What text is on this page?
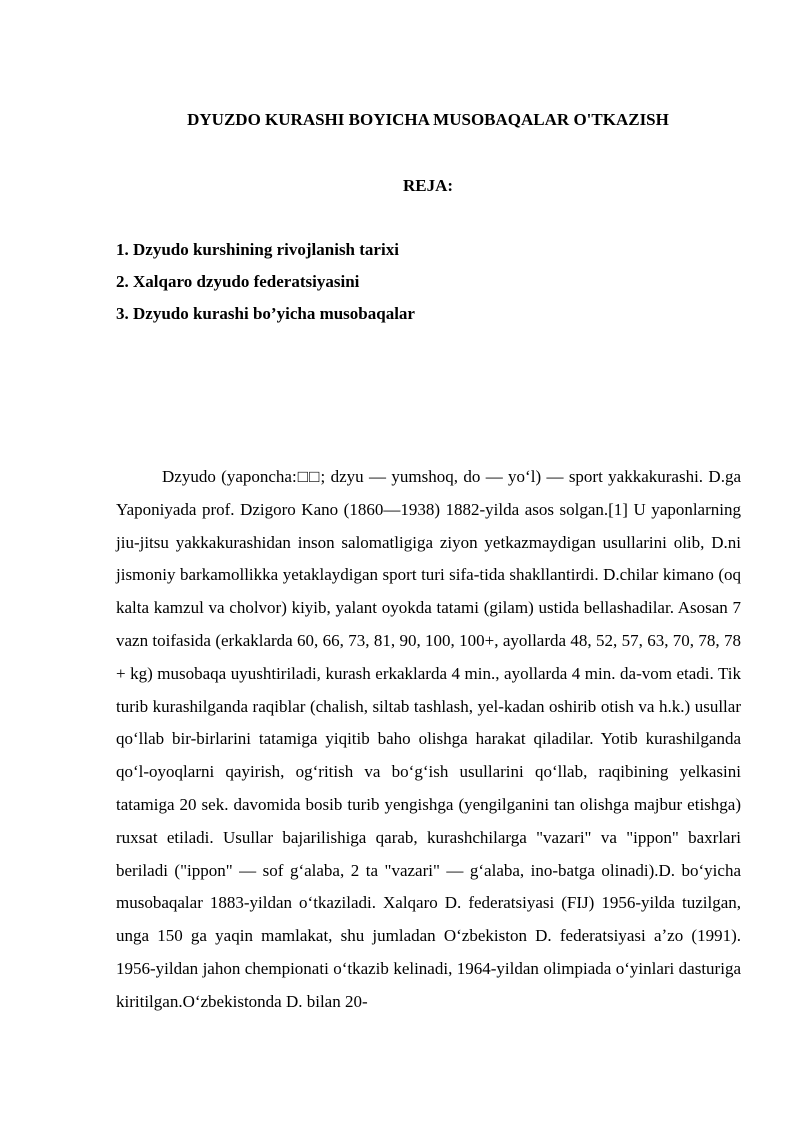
DYUZDO KURASHI BOYICHA MUSOBAQALAR O'TKAZISH
REJA:
1. Dzyudo kurshining rivojlanish tarixi
2. Xalqaro dzyudo federatsiyasini
3. Dzyudo kurashi bo’yicha musobaqalar

Dzyudo (yaponcha:□□; dzyu — yumshoq, do — yoʻl) — sport yakkakurashi. D.ga Yaponiyada prof. Dzigoro Kano (1860—1938) 1882-yilda asos solgan.[1] U yaponlarning jiu-jitsu yakkakurashidan inson salomatligiga ziyon yetkazmaydigan usullarini olib, D.ni jismoniy barkamollikka yetaklaydigan sport turi sifa-tida shakllantirdi. D.chilar kimano (oq kalta kamzul va cholvor) kiyib, yalant oyokda tatami (gilam) ustida bellashadilar. Asosan 7 vazn toifasida (erkaklarda 60, 66, 73, 81, 90, 100, 100+, ayollarda 48, 52, 57, 63, 70, 78, 78 + kg) musobaqa uyushtiriladi, kurash erkaklarda 4 min., ayollarda 4 min. da-vom etadi. Tik turib kurashilganda raqiblar (chalish, siltab tashlash, yel-kadan oshirib otish va h.k.) usullar qoʻllab bir-birlarini tatamiga yiqitib baho olishga harakat qiladilar. Yotib kurashilganda qoʻl-oyoqlarni qayirish, ogʻritish va boʻgʻish usullarini qoʻllab, raqibining yelkasini tatamiga 20 sek. davomida bosib turib yengishga (yengilganini tan olishga majbur etishga) ruxsat etiladi. Usullar bajarilishiga qarab, kurashchilarga "vazari" va "ippon" baxrlari beriladi ("ippon" — sof gʻalaba, 2 ta "vazari" — gʻalaba, ino-batga olinadi).D. boʻyicha musobaqalar 1883-yildan oʻtkaziladi. Xalqaro D. federatsiyasi (FIJ) 1956-yilda tuzilgan, unga 150 ga yaqin mamlakat, shu jumladan Oʻzbekiston D. federatsiyasi aʼzo (1991). 1956-yildan jahon chempionati oʻtkazib kelinadi, 1964-yildan olimpiada oʻyinlari dasturiga kiritilgan.Oʻzbekistonda D. bilan 20-
